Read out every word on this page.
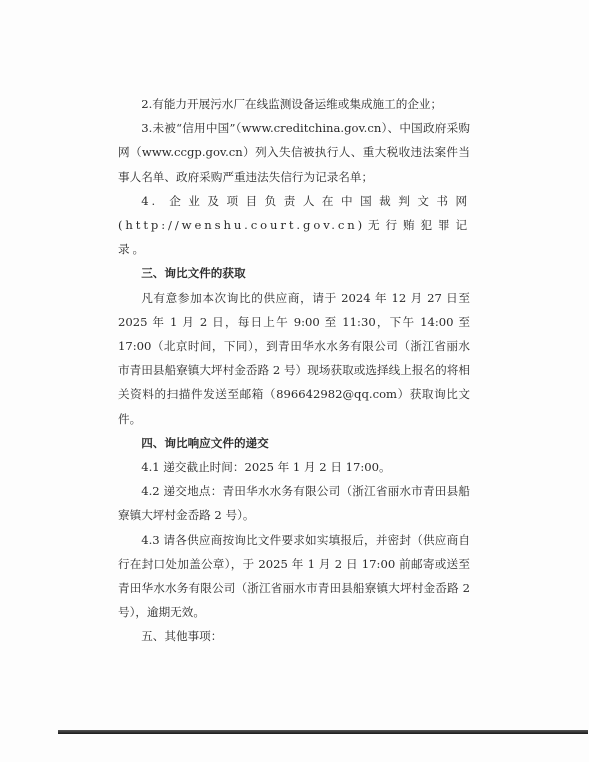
2.有能力开展污水厂在线监测设备运维或集成施工的企业；

3.未被“信用中国”（www.creditchina.gov.cn）、中国政府采购网（www.ccgp.gov.cn）列入失信被执行人、重大税收违法案件当事人名单、政府采购严重违法失信行为记录名单；

4. 企业及项目负责人在中国裁判文书网(http://wenshu.court.gov.cn)无行贿犯罪记录。

三、询比文件的获取

凡有意参加本次询比的供应商，请于 2024 年 12 月 27 日至 2025 年 1 月 2 日，每日上午 9:00 至 11:30，下午 14:00 至 17:00（北京时间，下同），到青田华水水务有限公司（浙江省丽水市青田县船寮镇大坪村金岙路 2 号）现场获取或选择线上报名的将相关资料的扫描件发送至邮箱（896642982@qq.com）获取询比文件。

四、询比响应文件的递交

4.1 递交截止时间：2025 年 1 月 2 日 17:00。

4.2 递交地点：青田华水水务有限公司（浙江省丽水市青田县船寮镇大坪村金岙路 2 号）。

4.3 请各供应商按询比文件要求如实填报后，并密封（供应商自行在封口处加盖公章），于 2025 年 1 月 2 日 17:00 前邮寄或送至青田华水水务有限公司（浙江省丽水市青田县船寮镇大坪村金岙路 2 号），逾期无效。

五、其他事项：
